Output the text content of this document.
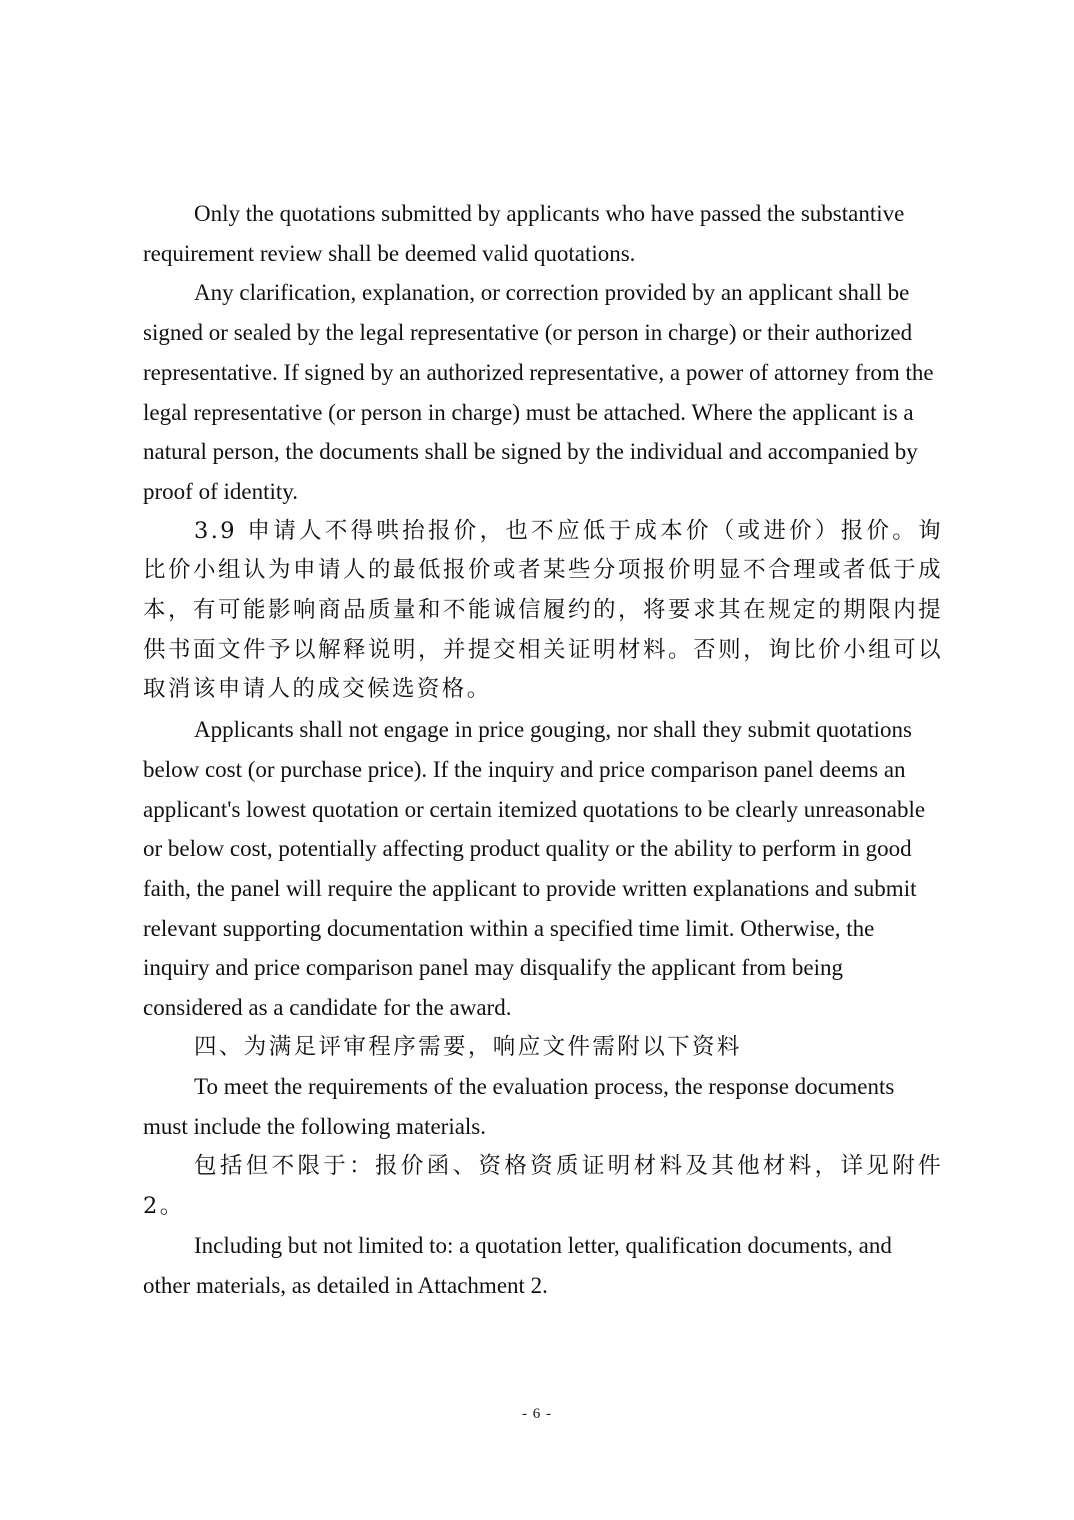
Only the quotations submitted by applicants who have passed the substantive requirement review shall be deemed valid quotations.

Any clarification, explanation, or correction provided by an applicant shall be signed or sealed by the legal representative (or person in charge) or their authorized representative. If signed by an authorized representative, a power of attorney from the legal representative (or person in charge) must be attached. Where the applicant is a natural person, the documents shall be signed by the individual and accompanied by proof of identity.

3.9 申请人不得哄抬报价，也不应低于成本价（或进价）报价。询比价小组认为申请人的最低报价或者某些分项报价明显不合理或者低于成本，有可能影响商品质量和不能诚信履约的，将要求其在规定的期限内提供书面文件予以解释说明，并提交相关证明材料。否则，询比价小组可以取消该申请人的成交候选资格。

Applicants shall not engage in price gouging, nor shall they submit quotations below cost (or purchase price). If the inquiry and price comparison panel deems an applicant's lowest quotation or certain itemized quotations to be clearly unreasonable or below cost, potentially affecting product quality or the ability to perform in good faith, the panel will require the applicant to provide written explanations and submit relevant supporting documentation within a specified time limit. Otherwise, the inquiry and price comparison panel may disqualify the applicant from being considered as a candidate for the award.

四、为满足评审程序需要，响应文件需附以下资料

To meet the requirements of the evaluation process, the response documents must include the following materials.

包括但不限于：报价函、资格资质证明材料及其他材料，详见附件 2。

Including but not limited to: a quotation letter, qualification documents, and other materials, as detailed in Attachment 2.

- 6 -
